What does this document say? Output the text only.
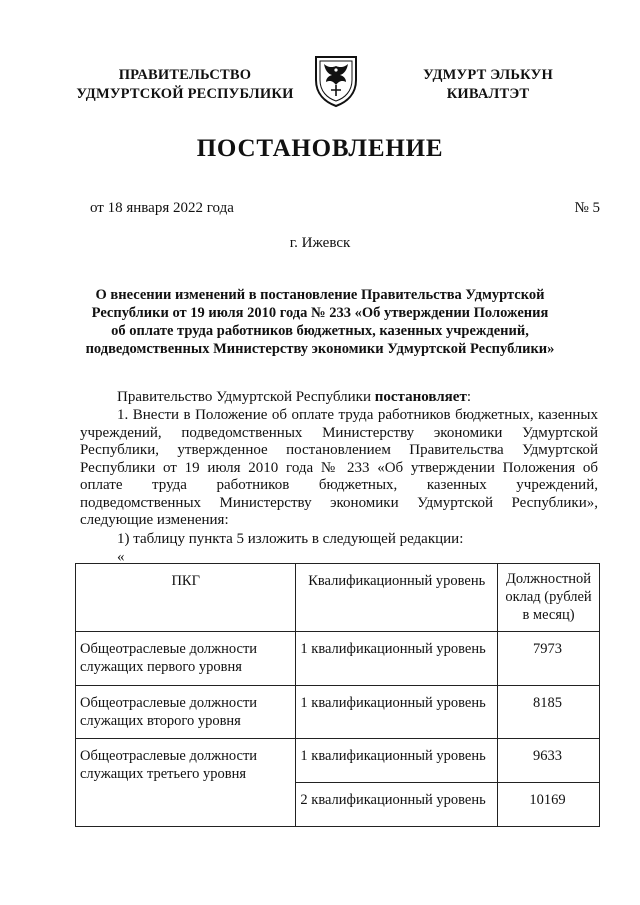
ПРАВИТЕЛЬСТВО
УДМУРТСКОЙ РЕСПУБЛИКИ
УДМУРТ ЭЛЬКУН
КИВАЛТЭТ
ПОСТАНОВЛЕНИЕ
от 18 января 2022 года	№ 5
г. Ижевск
О внесении изменений в постановление Правительства Удмуртской
Республики от 19 июля 2010 года № 233 «Об утверждении Положения
об оплате труда работников бюджетных, казенных учреждений,
подведомственных Министерству экономики Удмуртской Республики»
Правительство Удмуртской Республики постановляет:
1. Внести в Положение об оплате труда работников бюджетных, казенных
учреждений, подведомственных Министерству экономики Удмуртской
Республики, утвержденное постановлением Правительства Удмуртской
Республики от 19 июля 2010 года № 233 «Об утверждении Положения об
оплате труда работников бюджетных, казенных учреждений,
подведомственных Министерству экономики Удмуртской Республики»,
следующие изменения:
1) таблицу пункта 5 изложить в следующей редакции:
«
ПКГ	Квалификационный уровень	Должностной оклад (рублей в месяц)
Общеотраслевые должности служащих первого уровня	1 квалификационный уровень	7973
Общеотраслевые должности служащих второго уровня	1 квалификационный уровень	8185
Общеотраслевые должности служащих третьего уровня	1 квалификационный уровень	9633
	2 квалификационный уровень	10169
